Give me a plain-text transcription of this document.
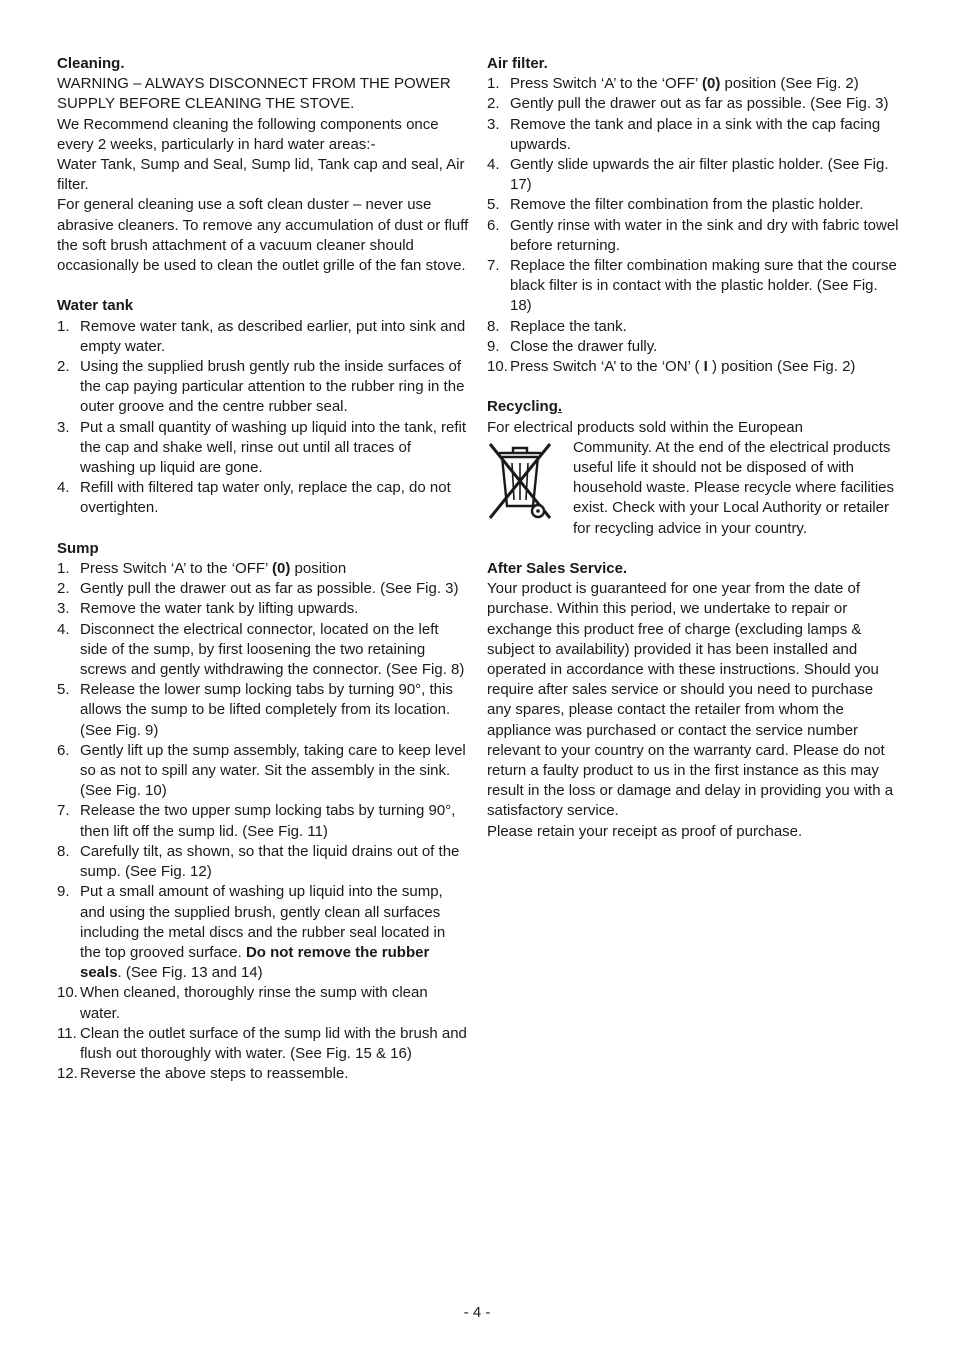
Cleaning.

WARNING – ALWAYS DISCONNECT FROM THE POWER

SUPPLY BEFORE CLEANING THE STOVE.

We Recommend cleaning the following components once every 2 weeks, particularly in hard water areas:-

Water Tank, Sump and Seal, Sump lid, Tank cap and seal, Air filter.

For general cleaning use a soft clean duster – never use abrasive cleaners. To remove any accumulation of dust or fluff the soft brush attachment of a vacuum cleaner should occasionally be used to clean the outlet grille of the fan stove.

Water tank

1. Remove water tank, as described earlier, put into sink and empty water.
2. Using the supplied brush gently rub the inside surfaces of the cap paying particular attention to the rubber ring in the outer groove and the centre rubber seal.
3. Put a small quantity of washing up liquid into the tank, refit the cap and shake well, rinse out until all traces of washing up liquid are gone.
4. Refill with filtered tap water only, replace the cap, do not overtighten.

Sump

1. Press Switch ‘A’ to the ‘OFF’ (0) position
2. Gently pull the drawer out as far as possible. (See Fig. 3)
3. Remove the water tank by lifting upwards.
4. Disconnect the electrical connector, located on the left side of the sump, by first loosening the two retaining screws and gently withdrawing the connector. (See Fig. 8)
5. Release the lower sump locking tabs by turning 90°, this allows the sump to be lifted completely from its location. (See Fig. 9)
6. Gently lift up the sump assembly, taking care to keep level so as not to spill any water. Sit the assembly in the sink. (See Fig. 10)
7. Release the two upper sump locking tabs by turning 90°, then lift off the sump lid. (See Fig. 11)
8. Carefully tilt, as shown, so that the liquid drains out of the sump. (See Fig. 12)
9. Put a small amount of washing up liquid into the sump, and using the supplied brush, gently clean all surfaces including the metal discs and the rubber seal located in the top grooved surface. Do not remove the rubber seals. (See Fig. 13 and 14)
10. When cleaned, thoroughly rinse the sump with clean water.
11. Clean the outlet surface of the sump lid with the brush and flush out thoroughly with water. (See Fig. 15 & 16)
12. Reverse the above steps to reassemble.

Air filter.

1. Press Switch ‘A’ to the ‘OFF’ (0) position (See Fig. 2)
2. Gently pull the drawer out as far as possible. (See Fig. 3)
3. Remove the tank and place in a sink with the cap facing upwards.
4. Gently slide upwards the air filter plastic holder. (See Fig. 17)
5. Remove the filter combination from the plastic holder.
6. Gently rinse with water in the sink and dry with fabric towel before returning.
7. Replace the filter combination making sure that the course black filter is in contact with the plastic holder. (See Fig. 18)
8. Replace the tank.
9. Close the drawer fully.
10. Press Switch ‘A’ to the ‘ON’ ( I ) position (See Fig. 2)

Recycling.

For electrical products sold within the European

Community. At the end of the electrical products useful life it should not be disposed of with household waste. Please recycle where facilities exist. Check with your Local Authority or retailer for recycling advice in your country.

After Sales Service.

Your product is guaranteed for one year from the date of purchase. Within this period, we undertake to repair or exchange this product free of charge (excluding lamps & subject to availability) provided it has been installed and operated in accordance with these instructions. Should you require after sales service or should you need to purchase any spares, please contact the retailer from whom the appliance was purchased or contact the service number relevant to your country on the warranty card. Please do not return a faulty product to us in the first instance as this may result in the loss or damage and delay in providing you with a satisfactory service.

Please retain your receipt as proof of purchase.

- 4 -
